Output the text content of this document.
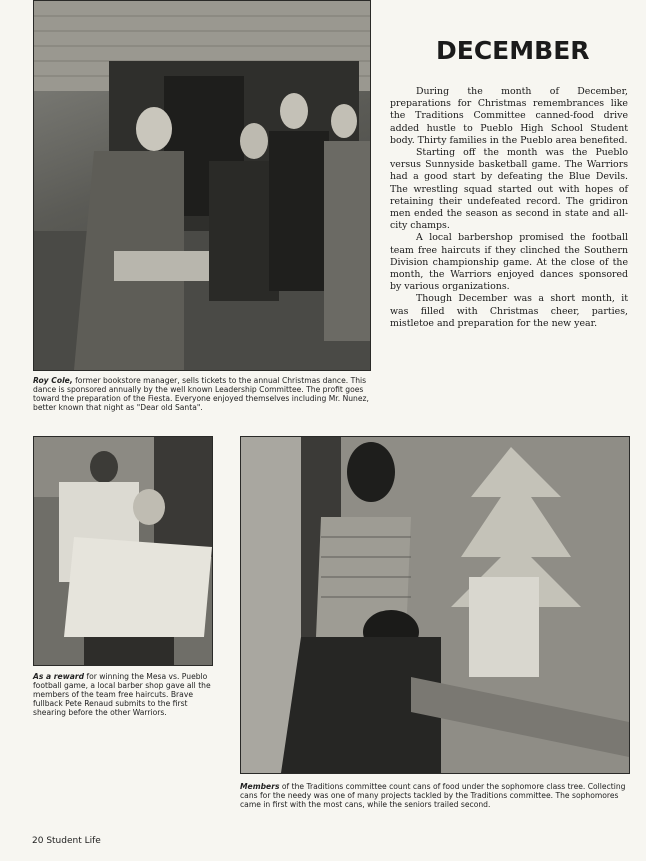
Roy Cole, former bookstore manager, sells tickets to the annual Christmas dance. This dance is sponsored annually by the well known Leadership Committee. The profit goes toward the preparation of the Fiesta. Everyone enjoyed themselves including Mr. Nunez, better known that night as "Dear old Santa".
DECEMBER

During the month of December, preparations for Christmas remembrances like the Traditions Committee canned-food drive added hustle to Pueblo High School Student body. Thirty families in the Pueblo area benefited.

Starting off the month was the Pueblo versus Sunnyside basketball game. The Warriors had a good start by defeating the Blue Devils. The wrestling squad started out with hopes of retaining their undefeated record. The gridiron men ended the season as second in state and all-city champs.

A local barbershop promised the football team free haircuts if they clinched the Southern Division championship game. At the close of the month, the Warriors enjoyed dances sponsored by various organizations.

Though December was a short month, it was filled with Christmas cheer, parties, mistletoe and preparation for the new year.

As a reward for winning the Mesa vs. Pueblo football game, a local barber shop gave all the members of the team free haircuts. Brave fullback Pete Renaud submits to the first shearing before the other Warriors.
Members of the Traditions committee count cans of food under the sophomore class tree. Collecting cans for the needy was one of many projects tackled by the Traditions committee. The sophomores came in first with the most cans, while the seniors trailed second.
20 Student Life
